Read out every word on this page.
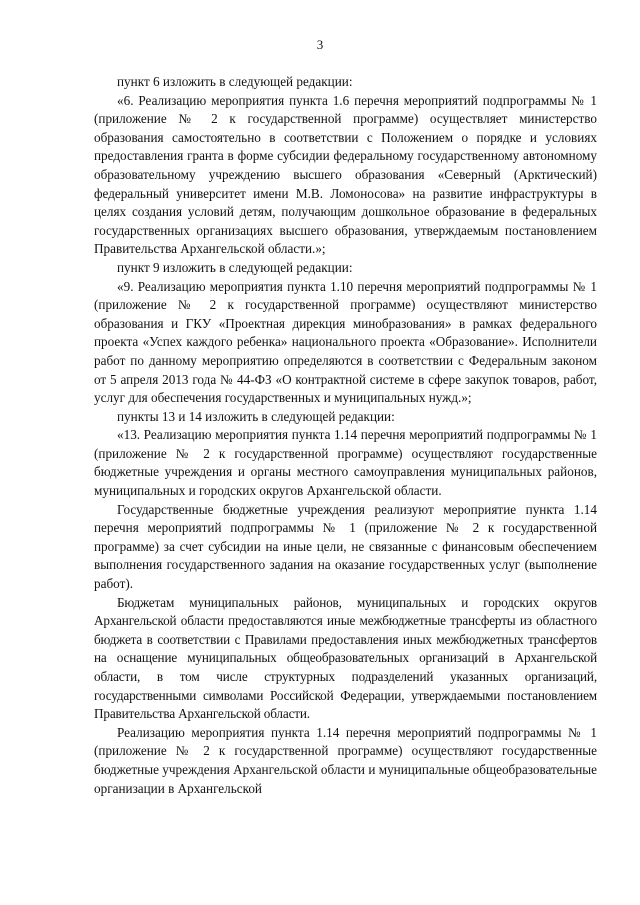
3

пункт 6 изложить в следующей редакции:

«6. Реализацию мероприятия пункта 1.6 перечня мероприятий подпрограммы № 1 (приложение № 2 к государственной программе) осуществляет министерство образования самостоятельно в соответствии с Положением о порядке и условиях предоставления гранта в форме субсидии федеральному государственному автономному образовательному учреждению высшего образования «Северный (Арктический) федеральный университет имени М.В. Ломоносова» на развитие инфраструктуры в целях создания условий детям, получающим дошкольное образование в федеральных государственных организациях высшего образования, утверждаемым постановлением Правительства Архангельской области.»;

пункт 9 изложить в следующей редакции:

«9. Реализацию мероприятия пункта 1.10 перечня мероприятий подпрограммы № 1 (приложение № 2 к государственной программе) осуществляют министерство образования и ГКУ «Проектная дирекция минобразования» в рамках федерального проекта «Успех каждого ребенка» национального проекта «Образование». Исполнители работ по данному мероприятию определяются в соответствии с Федеральным законом от 5 апреля 2013 года № 44-ФЗ «О контрактной системе в сфере закупок товаров, работ, услуг для обеспечения государственных и муниципальных нужд.»;

пункты 13 и 14 изложить в следующей редакции:

«13. Реализацию мероприятия пункта 1.14 перечня мероприятий подпрограммы № 1 (приложение № 2 к государственной программе) осуществляют государственные бюджетные учреждения и органы местного самоуправления муниципальных районов, муниципальных и городских округов Архангельской области.

Государственные бюджетные учреждения реализуют мероприятие пункта 1.14 перечня мероприятий подпрограммы № 1 (приложение № 2 к государственной программе) за счет субсидии на иные цели, не связанные с финансовым обеспечением выполнения государственного задания на оказание государственных услуг (выполнение работ).

Бюджетам муниципальных районов, муниципальных и городских округов Архангельской области предоставляются иные межбюджетные трансферты из областного бюджета в соответствии с Правилами предоставления иных межбюджетных трансфертов на оснащение муниципальных общеобразовательных организаций в Архангельской области, в том числе структурных подразделений указанных организаций, государственными символами Российской Федерации, утверждаемыми постановлением Правительства Архангельской области.

Реализацию мероприятия пункта 1.14 перечня мероприятий подпрограммы № 1 (приложение № 2 к государственной программе) осуществляют государственные бюджетные учреждения Архангельской области и муниципальные общеобразовательные организации в Архангельской
